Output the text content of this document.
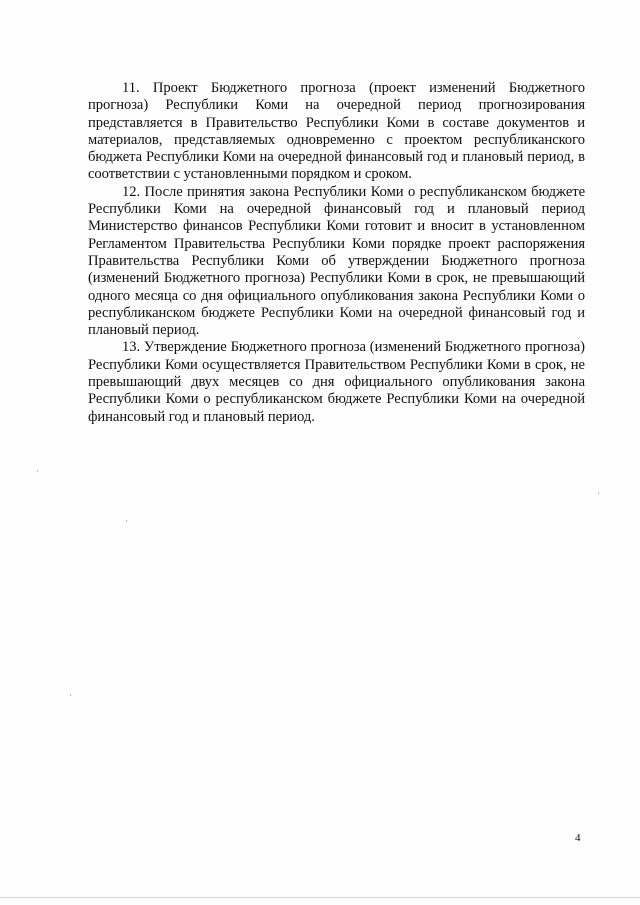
11. Проект Бюджетного прогноза (проект изменений Бюджетного прогноза) Республики Коми на очередной период прогнозирования представляется в Правительство Республики Коми в составе документов и материалов, представляемых одновременно с проектом республиканского бюджета Республики Коми на очередной финансовый год и плановый период, в соответствии с установленными порядком и сроком.

12. После принятия закона Республики Коми о республиканском бюджете Республики Коми на очередной финансовый год и плановый период Министерство финансов Республики Коми готовит и вносит в установленном Регламентом Правительства Республики Коми порядке проект распоряжения Правительства Республики Коми об утверждении Бюджетного прогноза (изменений Бюджетного прогноза) Республики Коми в срок, не превышающий одного месяца со дня официального опубликования закона Республики Коми о республиканском бюджете Республики Коми на очередной финансовый год и плановый период.

13. Утверждение Бюджетного прогноза (изменений Бюджетного прогноза) Республики Коми осуществляется Правительством Республики Коми в срок, не превышающий двух месяцев со дня официального опубликования закона Республики Коми о республиканском бюджете Республики Коми на очередной финансовый год и плановый период.

4
